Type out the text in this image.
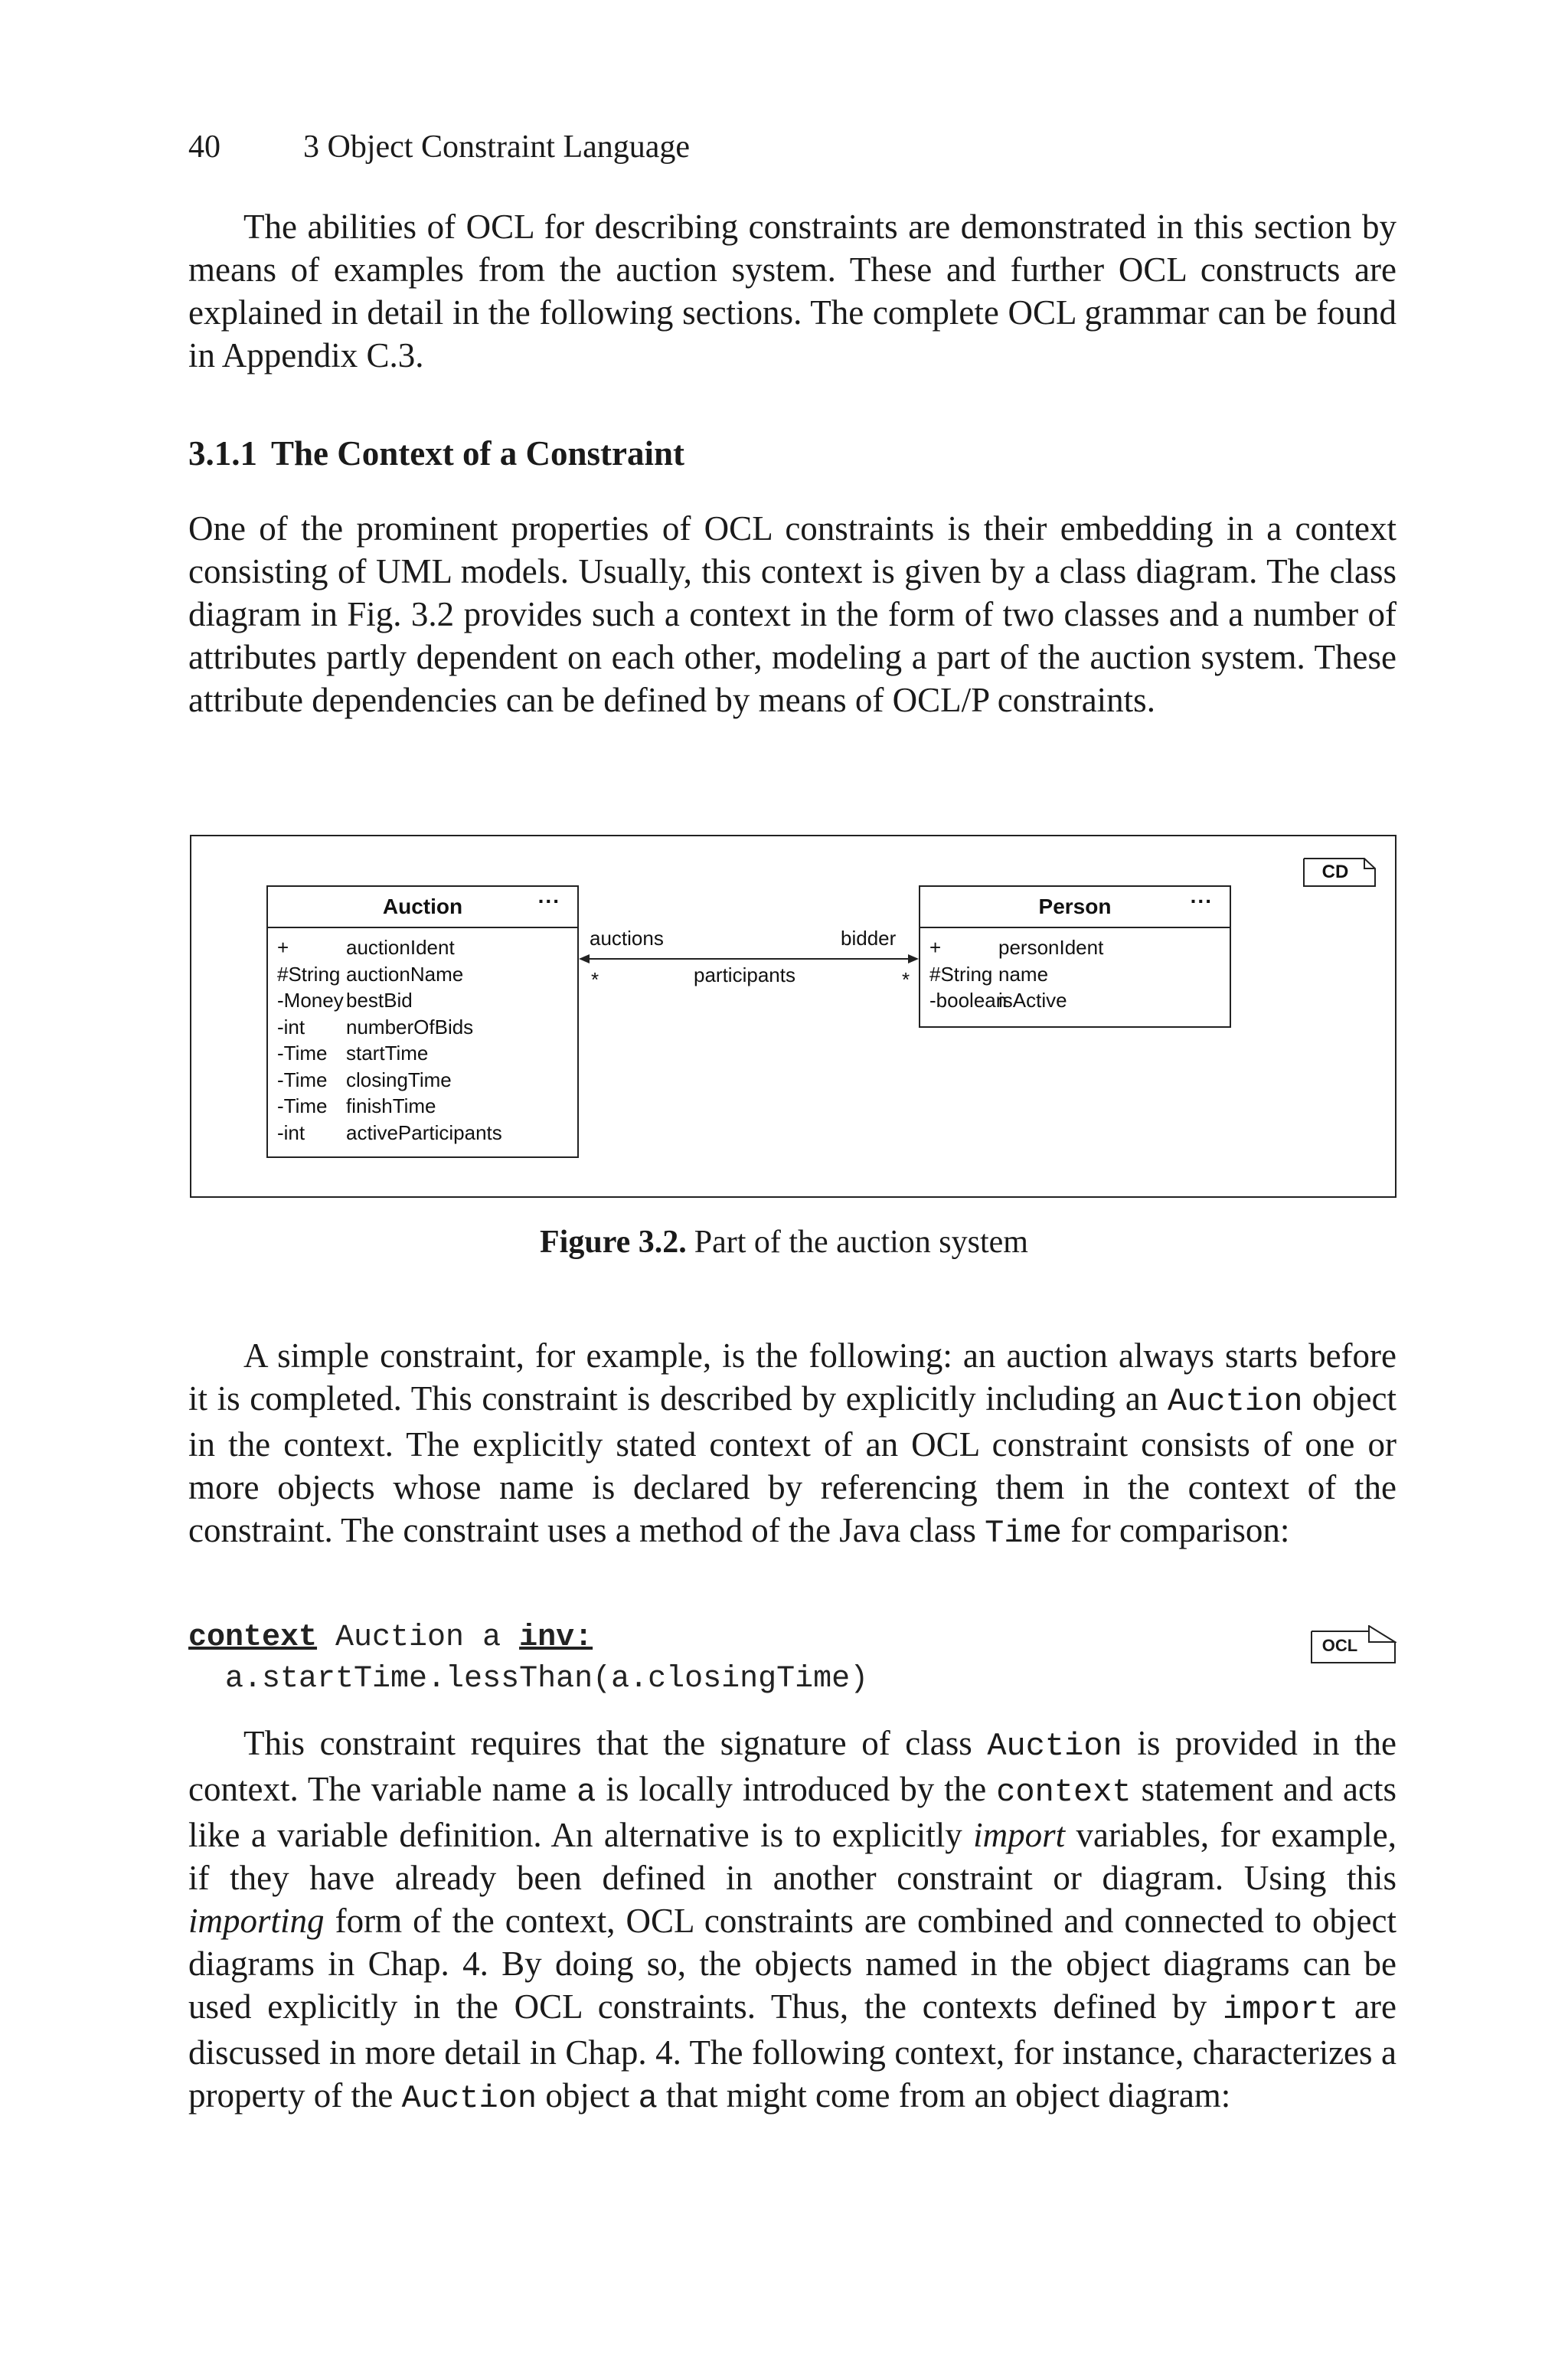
40	3 Object Constraint Language

The abilities of OCL for describing constraints are demonstrated in this section by means of examples from the auction system. These and further OCL constructs are explained in detail in the following sections. The complete OCL grammar can be found in Appendix C.3.

3.1.1 The Context of a Constraint

One of the prominent properties of OCL constraints is their embedding in a context consisting of UML models. Usually, this context is given by a class diagram. The class diagram in Fig. 3.2 provides such a context in the form of two classes and a number of attributes partly dependent on each other, modeling a part of the auction system. These attribute dependencies can be defined by means of OCL/P constraints.

CD
auctions	bidder
participants
*	*
Auction	...
+	auctionIdent
#String auctionName
-Money bestBid
-int numberOfBids
-Time startTime
-Time closingTime
-Time finishTime
-int activeParticipants
Person	...
+	personIdent
#String name
-booleanisActive
Figure 3.2. Part of the auction system

A simple constraint, for example, is the following: an auction always starts before it is completed. This constraint is described by explicitly including an Auction object in the context. The explicitly stated context of an OCL constraint consists of one or more objects whose name is declared by referencing them in the context of the constraint. The constraint uses a method of the Java class Time for comparison:

context Auction a inv:
a.startTime.lessThan(a.closingTime)
OCL

This constraint requires that the signature of class Auction is provided in the context. The variable name a is locally introduced by the context statement and acts like a variable definition. An alternative is to explicitly import variables, for example, if they have already been defined in another constraint or diagram. Using this importing form of the context, OCL constraints are combined and connected to object diagrams in Chap. 4. By doing so, the objects named in the object diagrams can be used explicitly in the OCL constraints. Thus, the contexts defined by import are discussed in more detail in Chap. 4. The following context, for instance, characterizes a property of the Auction object a that might come from an object diagram:
